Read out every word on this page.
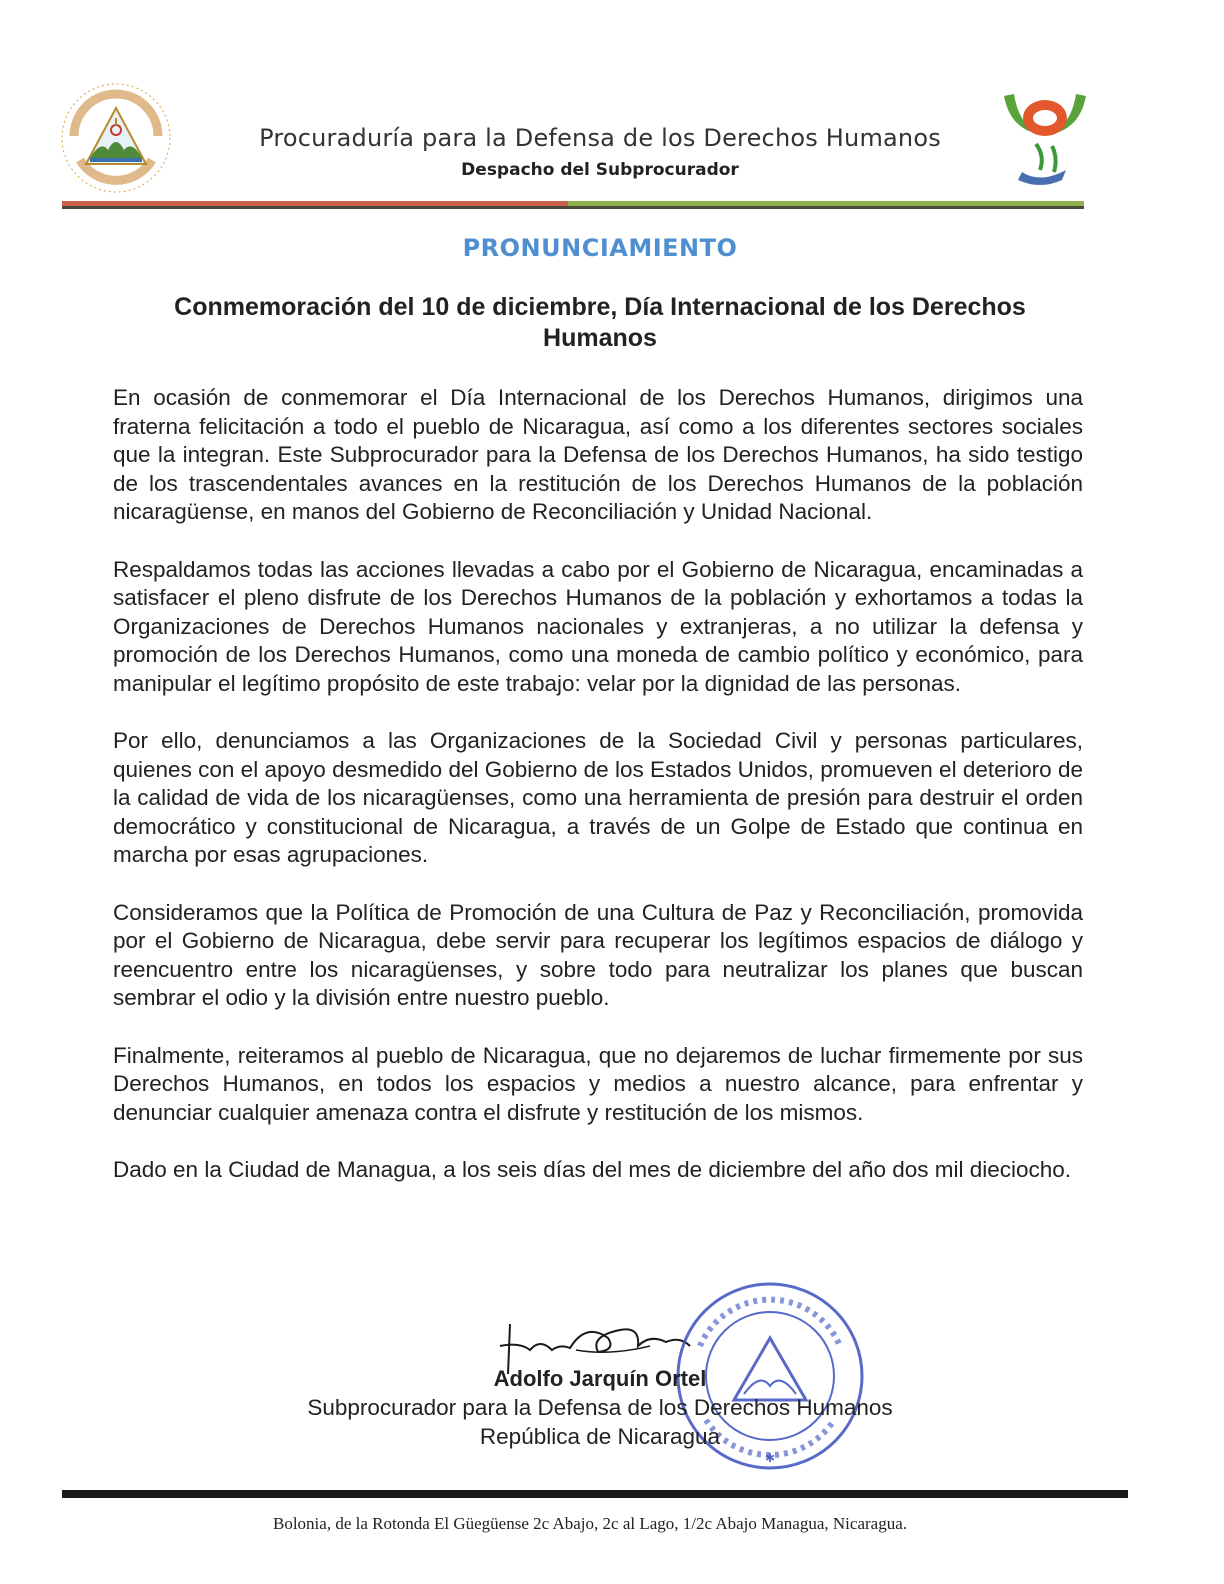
Procuraduría para la Defensa de los Derechos Humanos
Despacho del Subprocurador
PRONUNCIAMIENTO
Conmemoración del 10 de diciembre, Día Internacional de los Derechos Humanos

En ocasión de conmemorar el Día Internacional de los Derechos Humanos, dirigimos una fraterna felicitación a todo el pueblo de Nicaragua, así como a los diferentes sectores sociales que la integran. Este Subprocurador para la Defensa de los Derechos Humanos, ha sido testigo de los trascendentales avances en la restitución de los Derechos Humanos de la población nicaragüense, en manos del Gobierno de Reconciliación y Unidad Nacional.

Respaldamos todas las acciones llevadas a cabo por el Gobierno de Nicaragua, encaminadas a satisfacer el pleno disfrute de los Derechos Humanos de la población y exhortamos a todas la Organizaciones de Derechos Humanos nacionales y extranjeras, a no utilizar la defensa y promoción de los Derechos Humanos, como una moneda de cambio político y económico, para manipular el legítimo propósito de este trabajo: velar por la dignidad de las personas.

Por ello, denunciamos a las Organizaciones de la Sociedad Civil y personas particulares, quienes con el apoyo desmedido del Gobierno de los Estados Unidos, promueven el deterioro de la calidad de vida de los nicaragüenses, como una herramienta de presión para destruir el orden democrático y constitucional de Nicaragua, a través de un Golpe de Estado que continua en marcha por esas agrupaciones.

Consideramos que la Política de Promoción de una Cultura de Paz y Reconciliación, promovida por el Gobierno de Nicaragua, debe servir para recuperar los legítimos espacios de diálogo y reencuentro entre los nicaragüenses, y sobre todo para neutralizar los planes que buscan sembrar el odio y la división entre nuestro pueblo.

Finalmente, reiteramos al pueblo de Nicaragua, que no dejaremos de luchar firmemente por sus Derechos Humanos, en todos los espacios y medios a nuestro alcance, para enfrentar y denunciar cualquier amenaza contra el disfrute y restitución de los mismos.

Dado en la Ciudad de Managua, a los seis días del mes de diciembre del año dos mil dieciocho.

✱
Adolfo Jarquín Ortel
Subprocurador para la Defensa de los Derechos Humanos
República de Nicaragua
Bolonia, de la Rotonda El Güegüense 2c Abajo, 2c al Lago, 1/2c Abajo Managua, Nicaragua.
